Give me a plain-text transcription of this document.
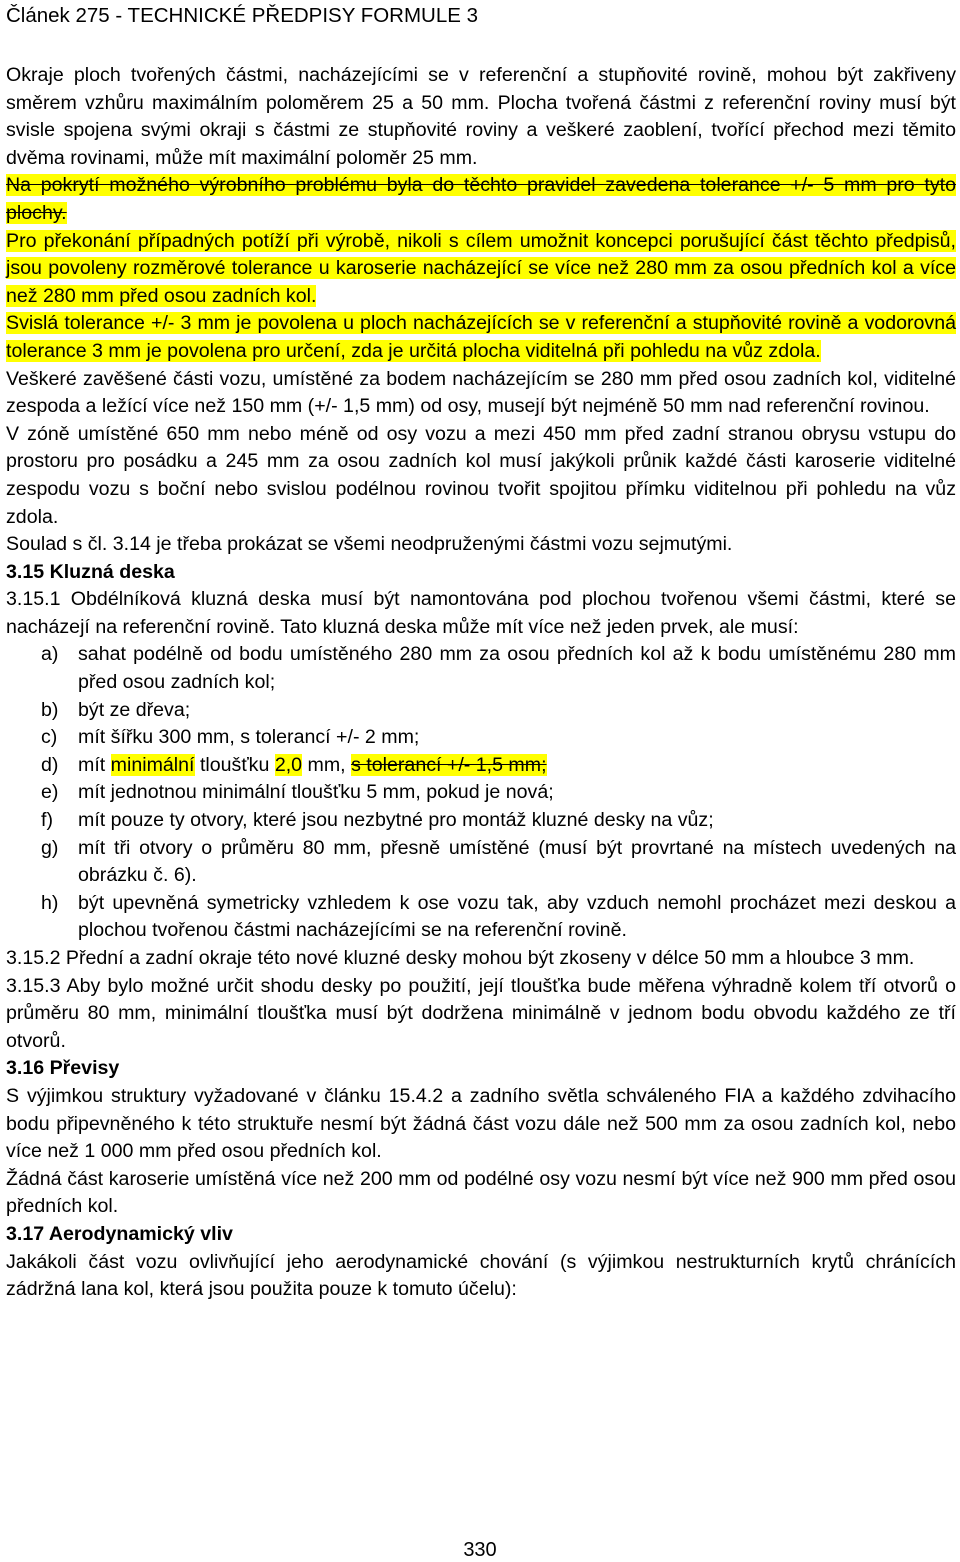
Článek 275 - TECHNICKÉ PŘEDPISY FORMULE 3

Okraje ploch tvořených částmi, nacházejícími se v referenční a stupňovité rovině, mohou být zakřiveny směrem vzhůru maximálním poloměrem 25 a 50 mm. Plocha tvořená částmi z referenční roviny musí být svisle spojena svými okraji s částmi ze stupňovité roviny a veškeré zaoblení, tvořící přechod mezi těmito dvěma rovinami, může mít maximální poloměr 25 mm.

Na pokrytí možného výrobního problému byla do těchto pravidel zavedena tolerance +/- 5 mm pro tyto plochy.

Pro překonání případných potíží při výrobě, nikoli s cílem umožnit koncepci porušující část těchto předpisů, jsou povoleny rozměrové tolerance u karoserie nacházející se více než 280 mm za osou předních kol a více než 280 mm před osou zadních kol.

Svislá tolerance +/- 3 mm je povolena u ploch nacházejících se v referenční a stupňovité rovině a vodorovná tolerance 3 mm je povolena pro určení, zda je určitá plocha viditelná při pohledu na vůz zdola.

Veškeré zavěšené části vozu, umístěné za bodem nacházejícím se 280 mm před osou zadních kol, viditelné zespoda a ležící více než 150 mm (+/- 1,5 mm) od osy, musejí být nejméně 50 mm nad referenční rovinou.

V zóně umístěné 650 mm nebo méně od osy vozu a mezi 450 mm před zadní stranou obrysu vstupu do prostoru pro posádku a 245 mm za osou zadních kol musí jakýkoli průnik každé části karoserie viditelné zespodu vozu s boční nebo svislou podélnou rovinou tvořit spojitou přímku viditelnou při pohledu na vůz zdola.

Soulad s čl. 3.14 je třeba prokázat se všemi neodpruženými částmi vozu sejmutými.

3.15 Kluzná deska

3.15.1 Obdélníková kluzná deska musí být namontována pod plochou tvořenou všemi částmi, které se nacházejí na referenční rovině. Tato kluzná deska může mít více než jeden prvek, ale musí:

a) sahat podélně od bodu umístěného 280 mm za osou předních kol až k bodu umístěnému 280 mm před osou zadních kol;
b) být ze dřeva;
c) mít šířku 300 mm, s tolerancí +/- 2 mm;
d) mít minimální tloušťku 2,0 mm, s tolerancí +/- 1,5 mm;
e) mít jednotnou minimální tloušťku 5 mm, pokud je nová;
f) mít pouze ty otvory, které jsou nezbytné pro montáž kluzné desky na vůz;
g) mít tři otvory o průměru 80 mm, přesně umístěné (musí být provrtané na místech uvedených na obrázku č. 6).
h) být upevněná symetricky vzhledem k ose vozu tak, aby vzduch nemohl procházet mezi deskou a plochou tvořenou částmi nacházejícími se na referenční rovině.

3.15.2 Přední a zadní okraje této nové kluzné desky mohou být zkoseny v délce 50 mm a hloubce 3 mm.

3.15.3 Aby bylo možné určit shodu desky po použití, její tloušťka bude měřena výhradně kolem tří otvorů o průměru 80 mm, minimální tloušťka musí být dodržena minimálně v jednom bodu obvodu každého ze tří otvorů.

3.16 Převisy

S výjimkou struktury vyžadované v článku 15.4.2 a zadního světla schváleného FIA a každého zdvihacího bodu připevněného k této struktuře nesmí být žádná část vozu dále než 500 mm za osou zadních kol, nebo více než 1 000 mm před osou předních kol.

Žádná část karoserie umístěná více než 200 mm od podélné osy vozu nesmí být více než 900 mm před osou předních kol.

3.17 Aerodynamický vliv

Jakákoli část vozu ovlivňující jeho aerodynamické chování (s výjimkou nestrukturních krytů chránících zádržná lana kol, která jsou použita pouze k tomuto účelu):

330
